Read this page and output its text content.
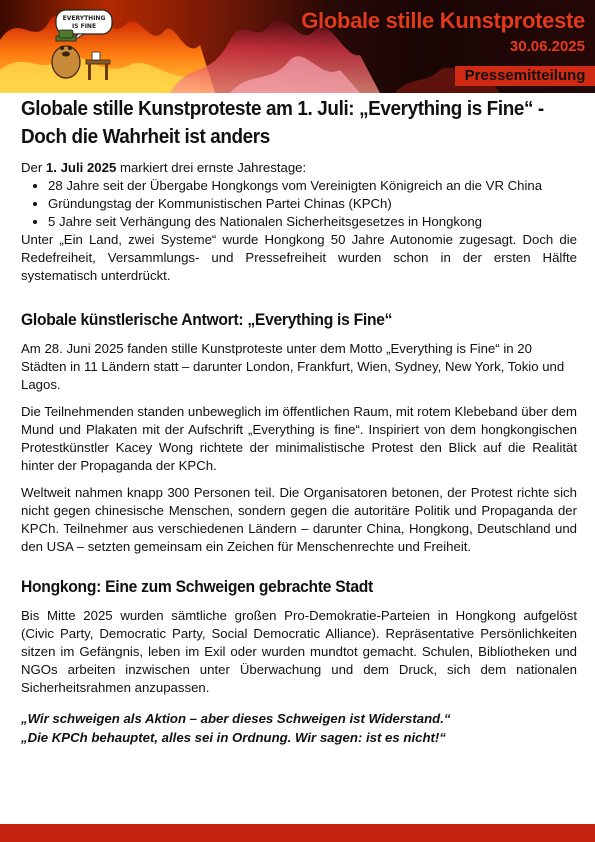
EVERYTHING
IS FINE	Globale stille Kunstproteste
30.06.2025
Pressemitteilung
Globale stille Kunstproteste am 1. Juli: „Everything is Fine“ - Doch die Wahrheit ist anders

Der 1. Juli 2025 markiert drei ernste Jahrestage:

• 28 Jahre seit der Übergabe Hongkongs vom Vereinigten Königreich an die VR China
• Gründungstag der Kommunistischen Partei Chinas (KPCh)
• 5 Jahre seit Verhängung des Nationalen Sicherheitsgesetzes in Hongkong

Unter „Ein Land, zwei Systeme“ wurde Hongkong 50 Jahre Autonomie zugesagt. Doch die Redefreiheit, Versammlungs- und Pressefreiheit wurden schon in der ersten Hälfte systematisch unterdrückt.

Globale künstlerische Antwort: „Everything is Fine“

Am 28. Juni 2025 fanden stille Kunstproteste unter dem Motto „Everything is Fine“ in 20 Städten in 11 Ländern statt – darunter London, Frankfurt, Wien, Sydney, New York, Tokio und Lagos.

Die Teilnehmenden standen unbeweglich im öffentlichen Raum, mit rotem Klebeband über dem Mund und Plakaten mit der Aufschrift „Everything is fine“. Inspiriert von dem hongkongischen Protestkünstler Kacey Wong richtete der minimalistische Protest den Blick auf die Realität hinter der Propaganda der KPCh.

Weltweit nahmen knapp 300 Personen teil. Die Organisatoren betonen, der Protest richte sich nicht gegen chinesische Menschen, sondern gegen die autoritäre Politik und Propaganda der KPCh. Teilnehmer aus verschiedenen Ländern – darunter China, Hongkong, Deutschland und den USA – setzten gemeinsam ein Zeichen für Menschenrechte und Freiheit.

Hongkong: Eine zum Schweigen gebrachte Stadt

Bis Mitte 2025 wurden sämtliche großen Pro-Demokratie-Parteien in Hongkong aufgelöst (Civic Party, Democratic Party, Social Democratic Alliance). Repräsentative Persönlichkeiten sitzen im Gefängnis, leben im Exil oder wurden mundtot gemacht. Schulen, Bibliotheken und NGOs arbeiten inzwischen unter Überwachung und dem Druck, sich dem nationalen Sicherheitsrahmen anzupassen.

„Wir schweigen als Aktion – aber dieses Schweigen ist Widerstand.“
„Die KPCh behauptet, alles sei in Ordnung. Wir sagen: ist es nicht!“
